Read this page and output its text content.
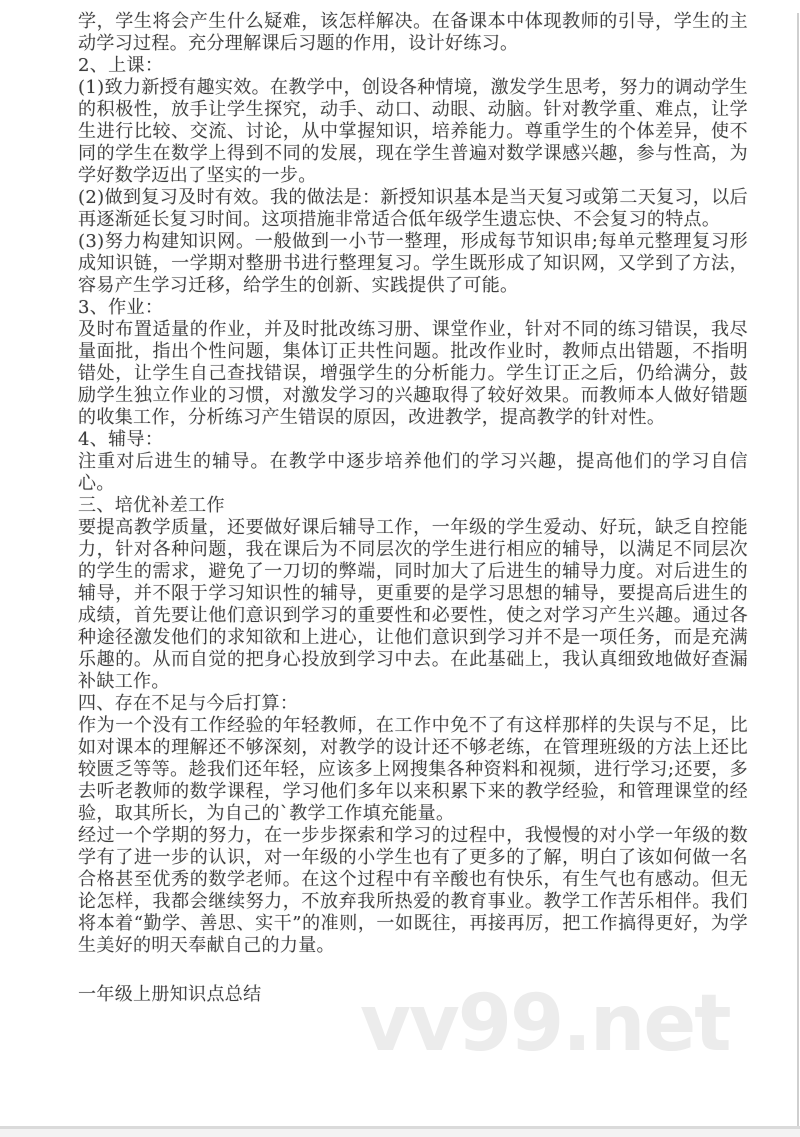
学，学生将会产生什么疑难，该怎样解决。在备课本中体现教师的引导，学生的主动学习过程。充分理解课后习题的作用，设计好练习。

2、上课：

(1)致力新授有趣实效。在教学中，创设各种情境，激发学生思考，努力的调动学生的积极性，放手让学生探究，动手、动口、动眼、动脑。针对教学重、难点，让学生进行比较、交流、讨论，从中掌握知识，培养能力。尊重学生的个体差异，使不同的学生在数学上得到不同的发展，现在学生普遍对数学课感兴趣，参与性高，为学好数学迈出了坚实的一步。

(2)做到复习及时有效。我的做法是：新授知识基本是当天复习或第二天复习，以后再逐渐延长复习时间。这项措施非常适合低年级学生遗忘快、不会复习的特点。

(3)努力构建知识网。一般做到一小节一整理，形成每节知识串;每单元整理复习形成知识链，一学期对整册书进行整理复习。学生既形成了知识网，又学到了方法，容易产生学习迁移，给学生的创新、实践提供了可能。

3、作业：

及时布置适量的作业，并及时批改练习册、课堂作业，针对不同的练习错误，我尽量面批，指出个性问题，集体订正共性问题。批改作业时，教师点出错题，不指明错处，让学生自己查找错误，增强学生的分析能力。学生订正之后，仍给满分，鼓励学生独立作业的习惯，对激发学习的兴趣取得了较好效果。而教师本人做好错题的收集工作，分析练习产生错误的原因，改进教学，提高教学的针对性。

4、辅导：

注重对后进生的辅导。在教学中逐步培养他们的学习兴趣，提高他们的学习自信心。

三、培优补差工作

要提高教学质量，还要做好课后辅导工作，一年级的学生爱动、好玩，缺乏自控能力，针对各种问题，我在课后为不同层次的学生进行相应的辅导，以满足不同层次的学生的需求，避免了一刀切的弊端，同时加大了后进生的辅导力度。对后进生的辅导，并不限于学习知识性的辅导，更重要的是学习思想的辅导，要提高后进生的成绩，首先要让他们意识到学习的重要性和必要性，使之对学习产生兴趣。通过各种途径激发他们的求知欲和上进心，让他们意识到学习并不是一项任务，而是充满乐趣的。从而自觉的把身心投放到学习中去。在此基础上，我认真细致地做好查漏补缺工作。

四、存在不足与今后打算：

作为一个没有工作经验的年轻教师，在工作中免不了有这样那样的失误与不足，比如对课本的理解还不够深刻，对教学的设计还不够老练，在管理班级的方法上还比较匮乏等等。趁我们还年轻，应该多上网搜集各种资料和视频，进行学习;还要，多去听老教师的数学课程，学习他们多年以来积累下来的教学经验，和管理课堂的经验，取其所长，为自己的`教学工作填充能量。

经过一个学期的努力，在一步步探索和学习的过程中，我慢慢的对小学一年级的数学有了进一步的认识，对一年级的小学生也有了更多的了解，明白了该如何做一名合格甚至优秀的数学老师。在这个过程中有辛酸也有快乐，有生气也有感动。但无论怎样，我都会继续努力，不放弃我所热爱的教育事业。教学工作苦乐相伴。我们将本着“勤学、善思、实干”的准则，一如既往，再接再厉，把工作搞得更好，为学生美好的明天奉献自己的力量。

一年级上册知识点总结	vv99.net
